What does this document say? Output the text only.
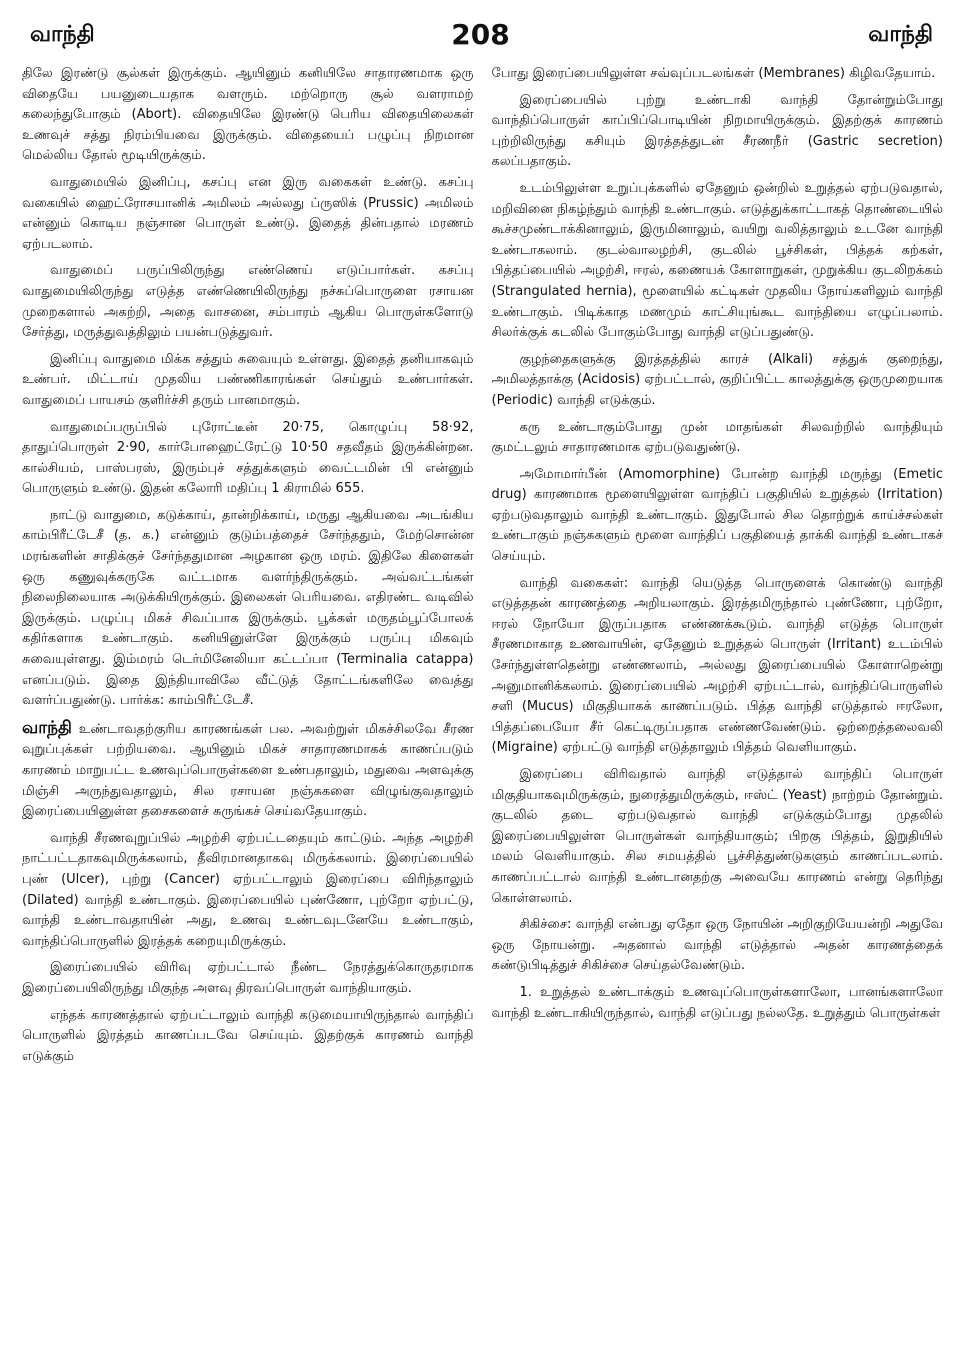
வாந்தி	208	வாந்தி

திலே இரண்டு சூல்கள் இருக்கும். ஆயினும் கனியிலே சாதாரணமாக ஒரு விதையே பயனுடையதாக வளரும். மற்றொரு சூல் வளராமற் கலைந்துபோகும் (Abort). விதையிலே இரண்டு பெரிய விதையிலைகள் உணவுச் சத்து நிரம்பியவை இருக்கும். விதையைப் பழுப்பு நிறமான மெல்லிய தோல் மூடியிருக்கும்.

வாதுமையில் இனிப்பு, கசப்பு என இரு வகைகள் உண்டு. கசப்பு வகையில் ஹைட்ரோசயானிக் அமிலம் அல்லது ப்ருஸிக் (Prussic) அமிலம் என்னும் கொடிய நஞ்சான பொருள் உண்டு. இதைத் தின்பதால் மரணம் ஏற்படலாம்.

வாதுமைப் பருப்பிலிருந்து எண்ணெய் எடுப்பார்கள். கசப்பு வாதுமையிலிருந்து எடுத்த எண்ணெயிலிருந்து நச்சுப்பொருளை ரசாயன முறைகளால் அகற்றி, அதை வாசனை, சம்பாரம் ஆகிய பொருள்களோடு சேர்த்து, மருத்துவத்திலும் பயன்படுத்துவர்.

இனிப்பு வாதுமை மிக்க சத்தும் சுவையும் உள்ளது. இதைத் தனியாகவும் உண்பர். மிட்டாய் முதலிய பண்ணிகாரங்கள் செய்தும் உண்பார்கள். வாதுமைப் பாயசம் குளிர்ச்சி தரும் பானமாகும்.

வாதுமைப்பருப்பில் புரோட்டீன் 20·75, கொழுப்பு 58·92, தாதுப்பொருள் 2·90, கார்போஹைட்ரேட்டு 10·50 சதவீதம் இருக்கின்றன. கால்சியம், பாஸ்பரஸ், இரும்புச் சத்துக்களும் வைட்டமின் பி என்னும் பொருளும் உண்டு. இதன் கலோரி மதிப்பு 1 கிராமில் 655.

நாட்டு வாதுமை, கடுக்காய், தான்றிக்காய், மருது ஆகியவை அடங்கிய காம்பிரீட்டேசீ (த. க.) என்னும் குடும்பத்தைச் சேர்ந்ததும், மேற்சொன்ன மரங்களின் சாதிக்குச் சேர்ந்ததுமான அழகான ஒரு மரம். இதிலே கிளைகள் ஒரு கணுவுக்கருகே வட்டமாக வளர்ந்திருக்கும். அவ்வட்டங்கள் நிலைநிலையாக அடுக்கியிருக்கும். இலைகள் பெரியவை. எதிரண்ட வடிவில் இருக்கும். பழுப்பு மிகச் சிவப்பாக இருக்கும். பூக்கள் மருதம்பூப்போலக் கதிர்களாக உண்டாகும். கனியினுள்ளே இருக்கும் பருப்பு மிகவும் சுவையுள்ளது. இம்மரம் டெர்மினேலியா கட்டப்பா (Terminalia catappa) எனப்படும். இதை இந்தியாவிலே வீட்டுத் தோட்டங்களிலே வைத்து வளர்ப்பதுண்டு. பார்க்க: காம்பிரீட்டேசீ.

வாந்தி உண்டாவதற்குரிய காரணங்கள் பல. அவற்றுள் மிகச்சிலவே சீரண வுறுப்புக்கள் பற்றியவை. ஆயினும் மிகச் சாதாரணமாகக் காணப்படும் காரணம் மாறுபட்ட உணவுப்பொருள்களை உண்பதாலும், மதுவை அளவுக்கு மிஞ்சி அருந்துவதாலும், சில ரசாயன நஞ்சுகளை விழுங்குவதாலும் இரைப்பையினுள்ள தசைகளைச் சுருங்கச் செய்வதேயாகும்.

வாந்தி சீரணவுறுப்பில் அழற்சி ஏற்பட்டதையும் காட்டும். அந்த அழற்சி நாட்பட்டதாகவுமிருக்கலாம், தீவிரமானதாகவு மிருக்கலாம். இரைப்பையில் புண் (Ulcer), புற்று (Cancer) ஏற்பட்டாலும் இரைப்பை விரிந்தாலும் (Dilated) வாந்தி உண்டாகும். இரைப்பையில் புண்ணோ, புற்றோ ஏற்பட்டு, வாந்தி உண்டாவதாயின் அது, உணவு உண்டவுடனேயே உண்டாகும், வாந்திப்பொருளில் இரத்தக் கறையுமிருக்கும்.

இரைப்பையில் விரிவு ஏற்பட்டால் நீண்ட நேரத்துக்கொருதரமாக இரைப்பையிலிருந்து மிகுந்த அளவு திரவப்பொருள் வாந்தியாகும்.

எந்தக் காரணத்தால் ஏற்பட்டாலும் வாந்தி கடுமையாயிருந்தால் வாந்திப் பொருளில் இரத்தம் காணப்படவே செய்யும். இதற்குக் காரணம் வாந்தி எடுக்கும்

போது இரைப்பையிலுள்ள சவ்வுப்படலங்கள் (Membranes) கிழிவதேயாம்.

இரைப்பையில் புற்று உண்டாகி வாந்தி தோன்றும்போது வாந்திப்பொருள் காப்பிப்பொடியின் நிறமாயிருக்கும். இதற்குக் காரணம் புற்றிலிருந்து கசியும் இரத்தத்துடன் சீரணநீர் (Gastric secretion) கலப்பதாகும்.

உடம்பிலுள்ள உறுப்புக்களில் ஏதேனும் ஒன்றில் உறுத்தல் ஏற்படுவதால், மறிவினை நிகழ்ந்தும் வாந்தி உண்டாகும். எடுத்துக்காட்டாகத் தொண்டையில் கூச்சமுண்டாக்கினாலும், இருமினாலும், வயிறு வலித்தாலும் உடனே வாந்தி உண்டாகலாம். குடல்வாலழற்சி, குடலில் பூச்சிகள், பித்தக் கற்கள், பித்தப்பையில் அழற்சி, ஈரல், கணையக் கோளாறுகள், முறுக்கிய குடலிறக்கம் (Strangulated hernia), மூளையில் கட்டிகள் முதலிய நோய்களிலும் வாந்தி உண்டாகும். பிடிக்காத மணமும் காட்சியுங்கூட வாந்தியை எழுப்பலாம். சிலர்க்குக் கடலில் போகும்போது வாந்தி எடுப்பதுண்டு.

குழந்தைகளுக்கு இரத்தத்தில் காரச் (Alkali) சத்துக் குறைந்து, அமிலத்தாக்கு (Acidosis) ஏற்பட்டால், குறிப்பிட்ட காலத்துக்கு ஒருமுறையாக (Periodic) வாந்தி எடுக்கும்.

கரு உண்டாகும்போது முன் மாதங்கள் சிலவற்றில் வாந்தியும் குமட்டலும் சாதாரணமாக ஏற்படுவதுண்டு.

அமோமார்பீன் (Amomorphine) போன்ற வாந்தி மருந்து (Emetic drug) காரணமாக மூளையிலுள்ள வாந்திப் பகுதியில் உறுத்தல் (Irritation) ஏற்படுவதாலும் வாந்தி உண்டாகும். இதுபோல் சில தொற்றுக் காய்ச்சல்கள் உண்டாகும் நஞ்சுகளும் மூளை வாந்திப் பகுதியைத் தாக்கி வாந்தி உண்டாகச் செய்யும்.

வாந்தி வகைகள்: வாந்தி யெடுத்த பொருளைக் கொண்டு வாந்தி எடுத்ததன் காரணத்தை அறியலாகும். இரத்தமிருந்தால் புண்ணோ, புற்றோ, ஈரல் நோயோ இருப்பதாக எண்ணக்கூடும். வாந்தி எடுத்த பொருள் சீரணமாகாத உணவாயின், ஏதேனும் உறுத்தல் பொருள் (Irritant) உடம்பில் சேர்ந்துள்ளதென்று எண்ணலாம், அல்லது இரைப்பையில் கோளாறென்று அனுமானிக்கலாம். இரைப்பையில் அழற்சி ஏற்பட்டால், வாந்திப்பொருளில் சளி (Mucus) மிகுதியாகக் காணப்படும். பித்த வாந்தி எடுத்தால் ஈரலோ, பித்தப்பையோ சீர் கெட்டிருப்பதாக எண்ணவேண்டும். ஒற்றைத்தலைவலி (Migraine) ஏற்பட்டு வாந்தி எடுத்தாலும் பித்தம் வெளியாகும்.

இரைப்பை விரிவதால் வாந்தி எடுத்தால் வாந்திப் பொருள் மிகுதியாகவுமிருக்கும், நுரைத்துமிருக்கும், ஈஸ்ட் (Yeast) நாற்றம் தோன்றும். குடலில் தடை ஏற்படுவதால் வாந்தி எடுக்கும்போது முதலில் இரைப்பையிலுள்ள பொருள்கள் வாந்தியாகும்; பிறகு பித்தம், இறுதியில் மலம் வெளியாகும். சில சமயத்தில் பூச்சித்துண்டுகளும் காணப்படலாம். காணப்பட்டால் வாந்தி உண்டானதற்கு அவையே காரணம் என்று தெரிந்து கொள்ளலாம்.

சிகிச்சை: வாந்தி என்பது ஏதோ ஒரு நோயின் அறிகுறியேயன்றி அதுவே ஒரு நோயன்று. அதனால் வாந்தி எடுத்தால் அதன் காரணத்தைக் கண்டுபிடித்துச் சிகிச்சை செய்தல்வேண்டும்.

1. உறுத்தல் உண்டாக்கும் உணவுப்பொருள்களாலோ, பானங்களாலோ வாந்தி உண்டாகியிருந்தால், வாந்தி எடுப்பது நல்லதே. உறுத்தும் பொருள்கள்
